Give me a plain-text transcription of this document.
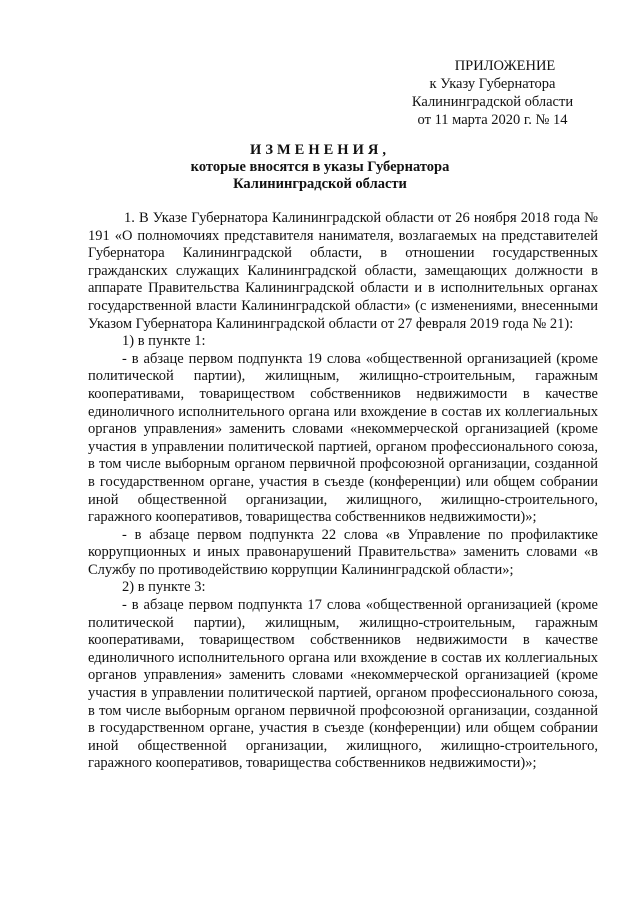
ПРИЛОЖЕНИЕ
к Указу Губернатора
Калининградской области
от 11 марта 2020 г. № 14
ИЗМЕНЕНИЯ,
которые вносятся в указы Губернатора
Калининградской области

1. В Указе Губернатора Калининградской области от 26 ноября 2018 года № 191 «О полномочиях представителя нанимателя, возлагаемых на представителей Губернатора Калининградской области, в отношении государственных гражданских служащих Калининградской области, замещающих должности в аппарате Правительства Калининградской области и в исполнительных органах государственной власти Калининградской области» (с изменениями, внесенными Указом Губернатора Калининградской области от 27 февраля 2019 года № 21):

1) в пункте 1:

- в абзаце первом подпункта 19 слова «общественной организацией (кроме политической партии), жилищным, жилищно-строительным, гаражным кооперативами, товариществом собственников недвижимости в качестве единоличного исполнительного органа или вхождение в состав их коллегиальных органов управления» заменить словами «некоммерческой организацией (кроме участия в управлении политической партией, органом профессионального союза, в том числе выборным органом первичной профсоюзной организации, созданной в государственном органе, участия в съезде (конференции) или общем собрании иной общественной организации, жилищного, жилищно-строительного, гаражного кооперативов, товарищества собственников недвижимости)»;

- в абзаце первом подпункта 22 слова «в Управление по профилактике коррупционных и иных правонарушений Правительства» заменить словами «в Службу по противодействию коррупции Калининградской области»;

2) в пункте 3:

- в абзаце первом подпункта 17 слова «общественной организацией (кроме политической партии), жилищным, жилищно-строительным, гаражным кооперативами, товариществом собственников недвижимости в качестве единоличного исполнительного органа или вхождение в состав их коллегиальных органов управления» заменить словами «некоммерческой организацией (кроме участия в управлении политической партией, органом профессионального союза, в том числе выборным органом первичной профсоюзной организации, созданной в государственном органе, участия в съезде (конференции) или общем собрании иной общественной организации, жилищного, жилищно-строительного, гаражного кооперативов, товарищества собственников недвижимости)»;
